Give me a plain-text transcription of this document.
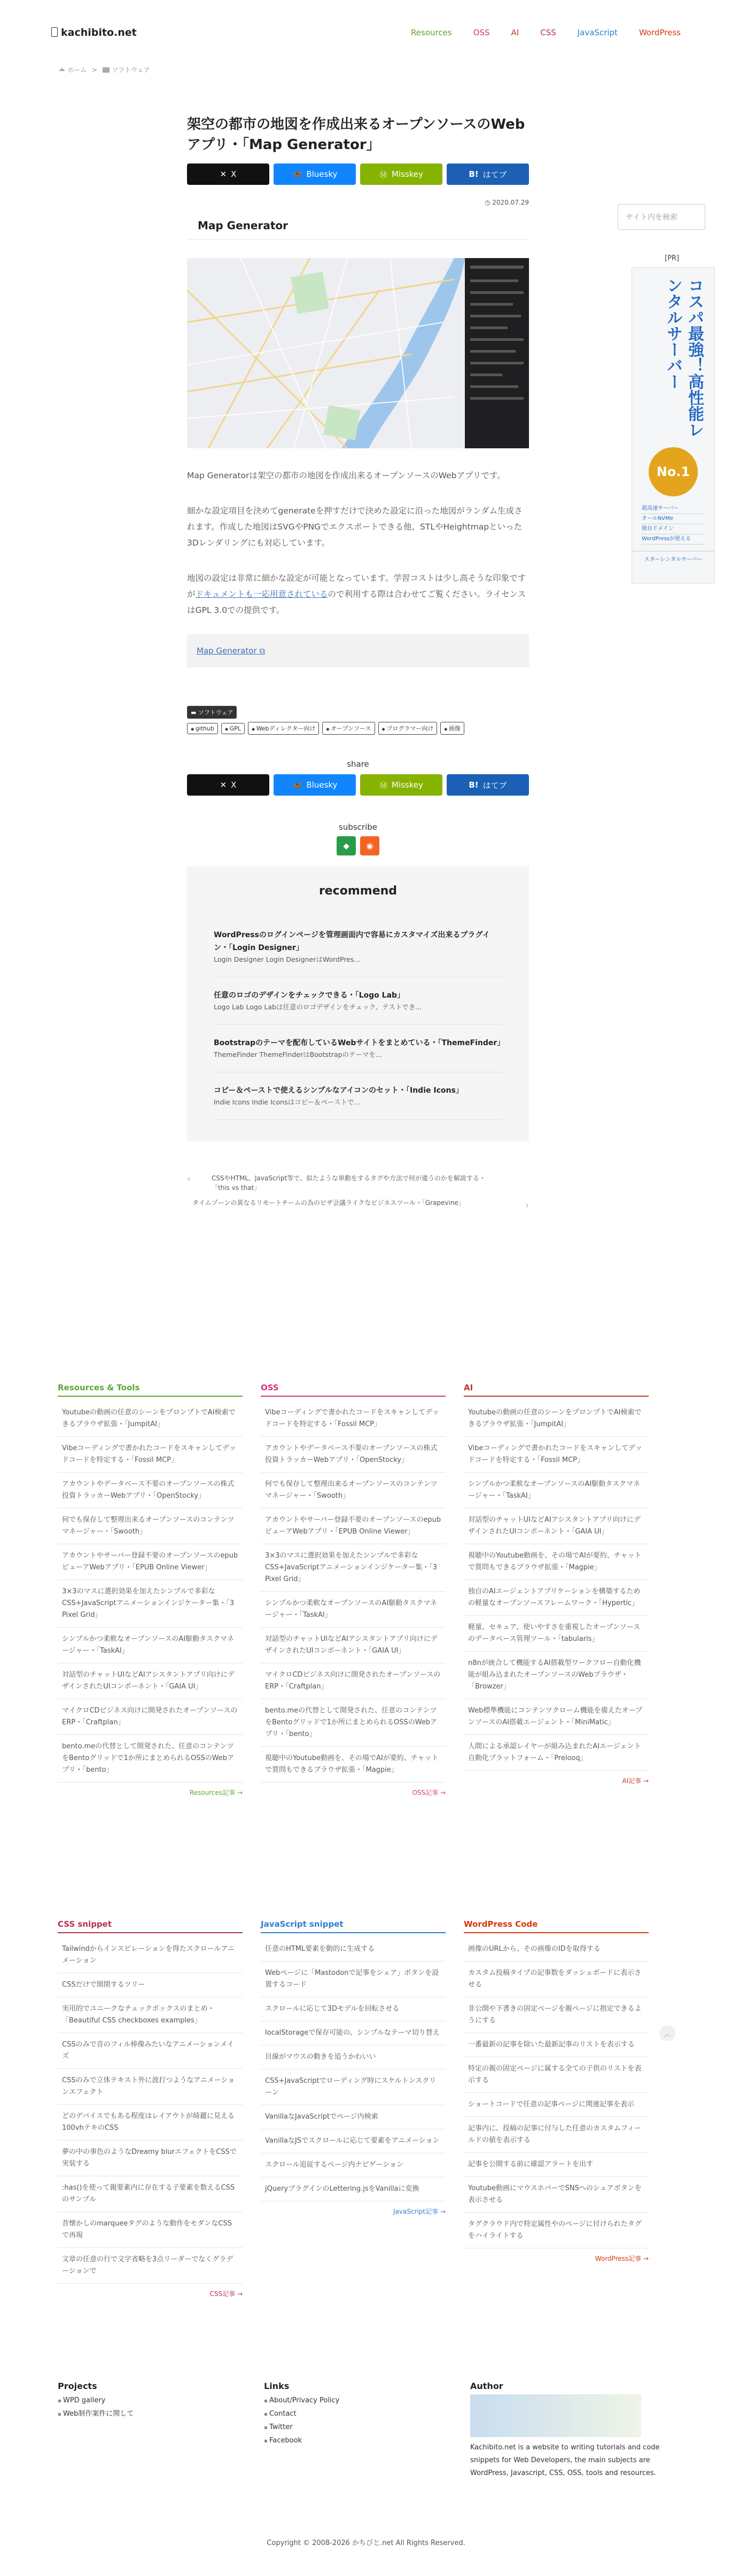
kachibito.net	Resources	OSS	AI	CSS	JavaScript	WordPress
ホーム >	ソフトウェア
架空の都市の地図を作成出来るオープンソースのWebアプリ・「Map Generator」
✕ X	🦋 Bluesky	Ⓜ Misskey	B! はてブ
◷ 2020.07.29
Map Generator

Map Generatorは架空の都市の地図を作成出来るオープンソースのWebアプリです。

細かな設定項目を決めてgenerateを押すだけで決めた設定に沿った地図がランダム生成されます。作成した地図はSVGやPNGでエクスポートできる他、STLやHeightmapといった3Dレンダリングにも対応しています。

地図の設定は非常に細かな設定が可能となっています。学習コストは少し高そうな印象ですがドキュメントも一応用意されているので利用する際は合わせてご覧ください。ライセンスはGPL 3.0での提供です。

Map Generator ⧉
▬ ソフトウェア
◆ github	◆ GPL	◆ Webディレクター向け	◆ オープンソース	◆ プログラマー向け	◆ 画像
share
✕ X	🦋 Bluesky	Ⓜ Misskey	B! はてブ
subscribe
◆	◉
recommend
WordPressのログインページを管理画面内で容易にカスタマイズ出来るプラグイン・「Login Designer」
Login Designer Login DesignerはWordPres...
任意のロゴのデザインをチェックできる・「Logo Lab」
Logo Lab Logo Labは任意のロゴデザインをチェック、テストでき...
Bootstrapのテーマを配布しているWebサイトをまとめている・「ThemeFinder」
ThemeFinder ThemeFinderはBootstrapのテーマを...
コピー＆ペーストで使えるシンプルなアイコンのセット・「Indie Icons」
Indie Icons Indie Iconsはコピー＆ペーストで...
‹	CSSやHTML、JavaScript等で、似たような単動をするタグや方法で何が違うのかを解説する・「this vs that」
タイムゾーンの異なるリモートチームの為のピザ会議ライクなビジネスツール・「Grapevine」	›
サイト内を検索
[PR]
コスパ最強！高性能レンタルサーバー
No.1
超高速サーバー
オールNVMe
独自ドメイン
WordPressが使える
スターレンタルサーバー
Resources & Tools
Youtubeの動画の任意のシーンをプロンプトでAI検索できるブラウザ拡張・「JumpitAI」
Vibeコーディングで書かれたコードをスキャンしてデッドコードを特定する・「Fossil MCP」
アカウントやデータベース不要のオープンソースの株式投資トラッカーWebアプリ・「OpenStocky」
何でも保存して整理出来るオープンソースのコンテンツマネージャー・「Swooth」
アカウントやサーバー登録不要のオープンソースのepubビューアWebアプリ・「EPUB Online Viewer」
3×3のマスに選択効果を加えたシンプルで多彩なCSS+JavaScriptアニメーションインジケーター集・「3 Pixel Grid」
シンプルかつ柔軟なオープンソースのAI駆動タスクマネージャー・「TaskAI」
対話型のチャットUIなどAIアシスタントアプリ向けにデザインされたUIコンポーネント・「GAIA UI」
マイクロCDビジネス向けに開発されたオープンソースのERP・「Craftplan」
bento.meの代替として開発された、任意のコンテンツをBentoグリッドで1か所にまとめられるOSSのWebアプリ・「bento」
Resources記事 →
OSS
Vibeコーディングで書かれたコードをスキャンしてデッドコードを特定する・「Fossil MCP」
アカウントやデータベース不要のオープンソースの株式投資トラッカーWebアプリ・「OpenStocky」
何でも保存して整理出来るオープンソースのコンテンツマネージャー・「Swooth」
アカウントやサーバー登録不要のオープンソースのepubビューアWebアプリ・「EPUB Online Viewer」
3×3のマスに選択効果を加えたシンプルで多彩なCSS+JavaScriptアニメーションインジケーター集・「3 Pixel Grid」
シンプルかつ柔軟なオープンソースのAI駆動タスクマネージャー・「TaskAI」
対話型のチャットUIなどAIアシスタントアプリ向けにデザインされたUIコンポーネント・「GAIA UI」
マイクロCDビジネス向けに開発されたオープンソースのERP・「Craftplan」
bento.meの代替として開発された、任意のコンテンツをBentoグリッドで1か所にまとめられるOSSのWebアプリ・「bento」
視聴中のYoutube動画を、その場でAIが要約、チャットで質問もできるブラウザ拡張・「Magpie」
OSS記事 →
AI
Youtubeの動画の任意のシーンをプロンプトでAI検索できるブラウザ拡張・「JumpitAI」
Vibeコーディングで書かれたコードをスキャンしてデッドコードを特定する・「Fossil MCP」
シンプルかつ柔軟なオープンソースのAI駆動タスクマネージャー・「TaskAI」
対話型のチャットUIなどAIアシスタントアプリ向けにデザインされたUIコンポーネント・「GAIA UI」
視聴中のYoutube動画を、その場でAIが要約、チャットで質問もできるブラウザ拡張・「Magpie」
独自のAIエージェントアプリケーションを構築するための軽量なオープンソースフレームワーク・「Hypertic」
軽量、セキュア、使いやすさを重視したオープンソースのデータベース管理ツール・「tabularis」
n8nが統合して機能するAI搭載型ワークフロー自動化機能が組み込まれたオープンソースのWebブラウザ・「Browzer」
Web標準機能にコンテンツクローム機能を備えたオープンソースのAI搭載エージェント・「MiniMatic」
人間による承認レイヤーが組み込まれたAIエージェント自動化プラットフォーム・「Prelooq」
AI記事 →
CSS snippet
Tailwindからインスピレーションを得たスクロールアニメーション
CSSだけで開閉するツリー
実用的でユニークなチェックボックスのまとめ・「Beautiful CSS checkboxes examples」
CSSのみで音のフィル棒像みたいなアニメーションメイズ
CSSのみで立体テキスト外に波打つようなアニメーションエフェクト
どのデバイスでもある程度はレイアウトが綺麗に見える100vhテキのCSS
夢の中の事色のようなDreamy blurエフェクトをCSSで実装する
:has()を使って親要素内に存在する子要素を数えるCSSのサンプル
昔懐かしのmarqueeタグのような動作をモダンなCSSで再現
文章の任意の行で文字省略を3点リーダーでなくグラデーションで
CSS記事 →
JavaScript snippet
任意のHTML要素を動的に生成する
Webページに「Mastodonで記事をシェア」ボタンを設置するコード
スクロールに応じて3Dモデルを回転させる
localStorageで保存可能の、シンプルなテーマ切り替え
目線がマウスの動きを追うかわいい
CSS+JavaScriptでローディング時にスケルトンスクリーン
VanillaなJavaScriptでページ内検索
VanillaなJSでスクロールに応じて要素をアニメーション
スクロール追従するページ内ナビゲーション
jQueryプラグインのLettering.jsをVanillaに変換
JavaScript記事 →
WordPress Code
画像のURLから、その画像のIDを取得する
カスタム投稿タイプの記事数をダッシュボードに表示させる
非公開や下書きの固定ページを親ページに指定できるようにする
一番最新の記事を除いた最新記事のリストを表示する
特定の親の固定ページに属する全ての子供のリストを表示する
ショートコードで任意の記事ページに関連記事を表示
記事内に、投稿の記事に付与した任意のカスタムフィールドの値を表示する
記事を公開する前に確認アラートを出す
Youtube動画にマウスホバーでSNSへのシェアボタンを表示させる
タグクラウド内で特定属性やのページに付けられたタグをハイライトする
WordPress記事 →
︿
Projects
▪ WPD gallery
▪ Web制作案件に関して
Links
▪ About/Privacy Policy
▪ Contact
▪ Twitter
▪ Facebook
Author

Kachibito.net is a website to writing tutorials and code snippets for Web Developers, the main subjects are WordPress, Javascript, CSS, OSS, tools and resources.

Copyright © 2008-2026 かちびと.net All Rights Reserved.
